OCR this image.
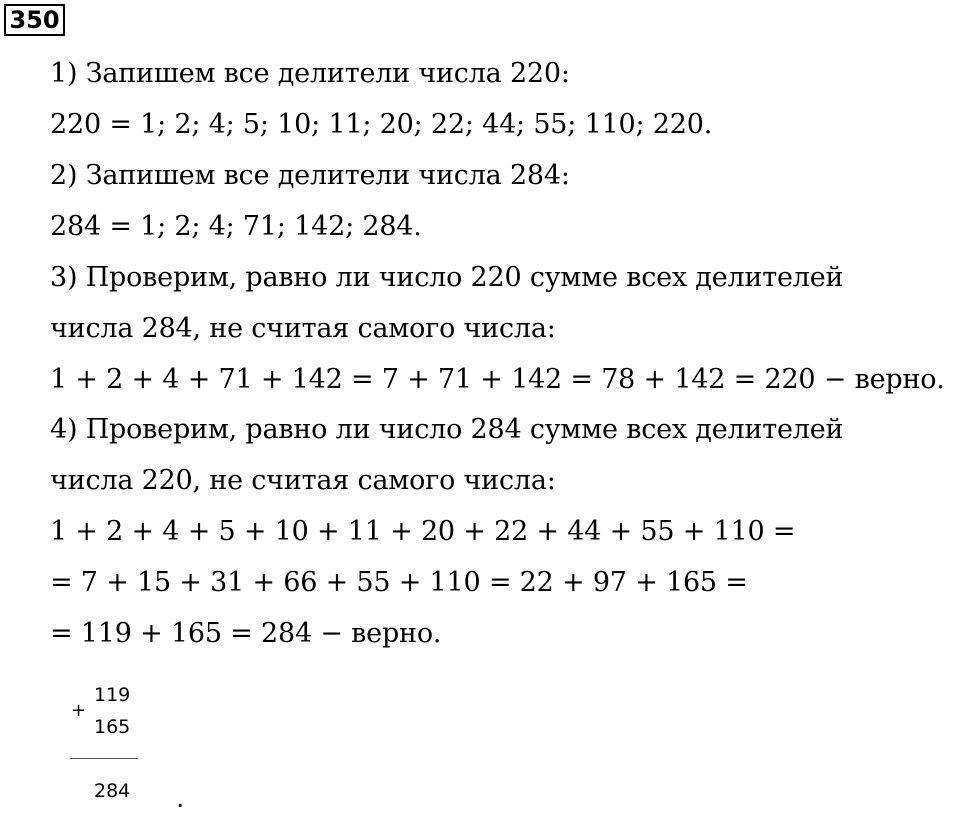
350
1) Запишем все делители числа 220:
220 = 1; 2; 4; 5; 10; 11; 20; 22; 44; 55; 110; 220.
2) Запишем все делители числа 284:
284 = 1; 2; 4; 71; 142; 284.
3) Проверим, равно ли число 220 сумме всех делителей
числа 284, не считая самого числа:
1 + 2 + 4 + 71 + 142 = 7 + 71 + 142 = 78 + 142 = 220 − верно.
4) Проверим, равно ли число 284 сумме всех делителей
числа 220, не считая самого числа:
1 + 2 + 4 + 5 + 10 + 11 + 20 + 22 + 44 + 55 + 110 =
= 7 + 15 + 31 + 66 + 55 + 110 = 22 + 97 + 165 =
= 119 + 165 = 284 − верно.
+
119
165
284 .
